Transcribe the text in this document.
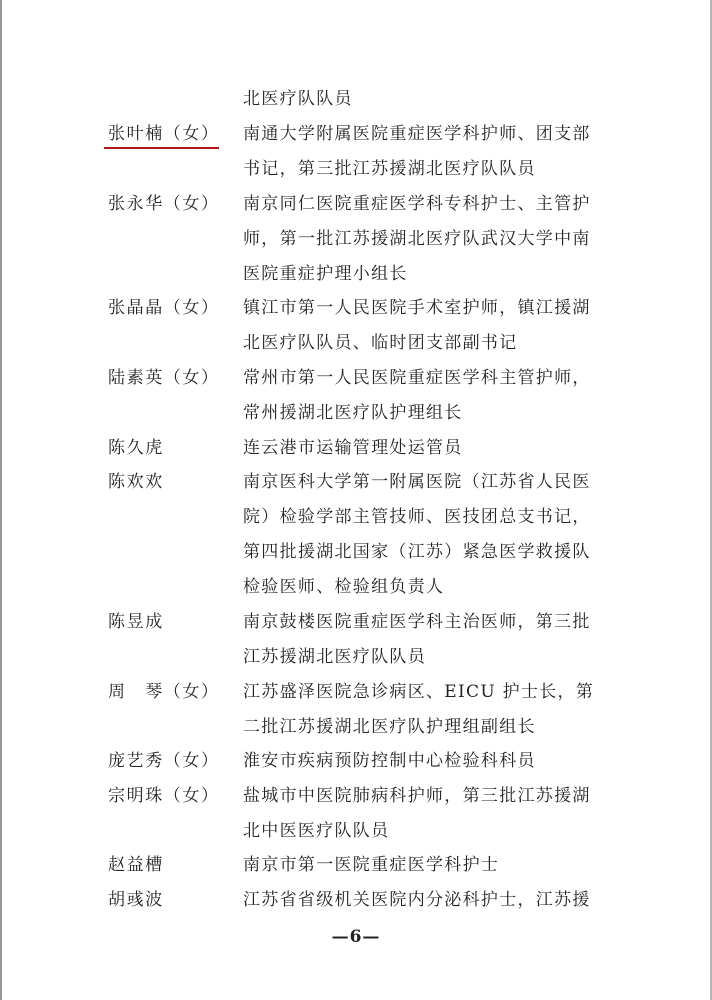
北医疗队队员
张叶楠（女） 南通大学附属医院重症医学科护师、团支部
书记，第三批江苏援湖北医疗队队员
张永华（女） 南京同仁医院重症医学科专科护士、主管护
师，第一批江苏援湖北医疗队武汉大学中南
医院重症护理小组长
张晶晶（女） 镇江市第一人民医院手术室护师，镇江援湖
北医疗队队员、临时团支部副书记
陆素英（女） 常州市第一人民医院重症医学科主管护师，
常州援湖北医疗队护理组长
陈久虎	连云港市运输管理处运管员
陈欢欢	南京医科大学第一附属医院（江苏省人民医
院）检验学部主管技师、医技团总支书记，
第四批援湖北国家（江苏）紧急医学救援队
检验医师、检验组负责人
陈昱成	南京鼓楼医院重症医学科主治医师，第三批
江苏援湖北医疗队队员
周　琴（女） 江苏盛泽医院急诊病区、EICU 护士长，第
二批江苏援湖北医疗队护理组副组长
庞艺秀（女） 淮安市疾病预防控制中心检验科科员
宗明珠（女） 盐城市中医院肺病科护师，第三批江苏援湖
北中医医疗队队员
赵益槽	南京市第一医院重症医学科护士
胡彧波	江苏省省级机关医院内分泌科护士，江苏援
—6—
